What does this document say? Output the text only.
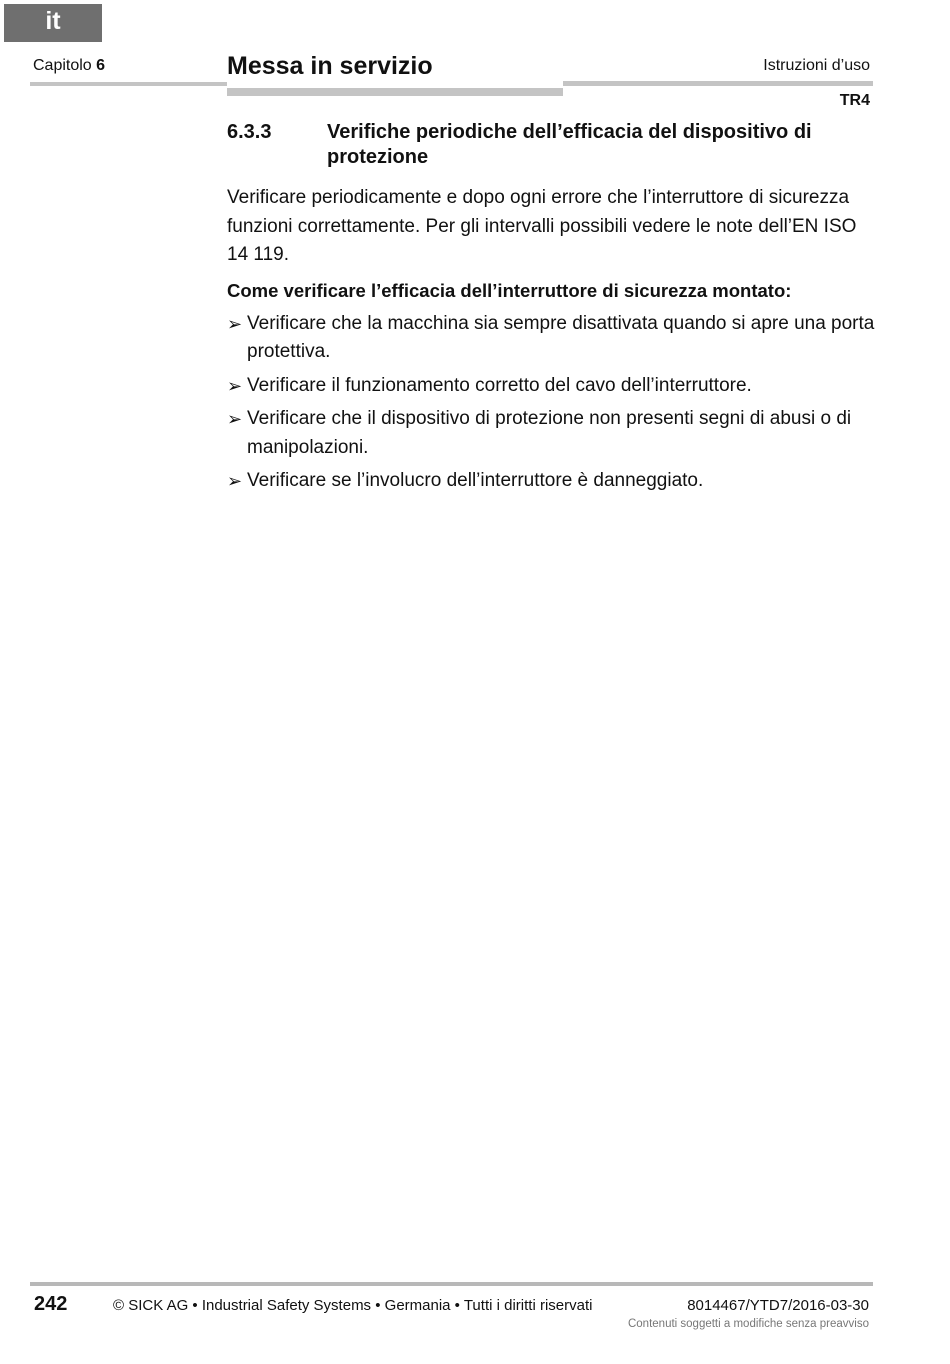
it
Capitolo 6	Messa in servizio	Istruzioni d’uso
TR4
6.3.3	Verifiche periodiche dell’efficacia del dispositivo di protezione

Verificare periodicamente e dopo ogni errore che l’interruttore di sicurezza funzioni correttamente. Per gli intervalli possibili vedere le note dell’EN ISO 14 119.

Come verificare l’efficacia dell’interruttore di sicurezza montato:

➢ Verificare che la macchina sia sempre disattivata quando si apre una porta protettiva.
➢ Verificare il funzionamento corretto del cavo dell’interruttore.
➢ Verificare che il dispositivo di protezione non presenti segni di abusi o di manipolazioni.
➢ Verificare se l’involucro dell’interruttore è danneggiato.
242	© SICK AG • Industrial Safety Systems • Germania • Tutti i diritti riservati	8014467/YTD7/2016-03-30
Contenuti soggetti a modifiche senza preavviso
